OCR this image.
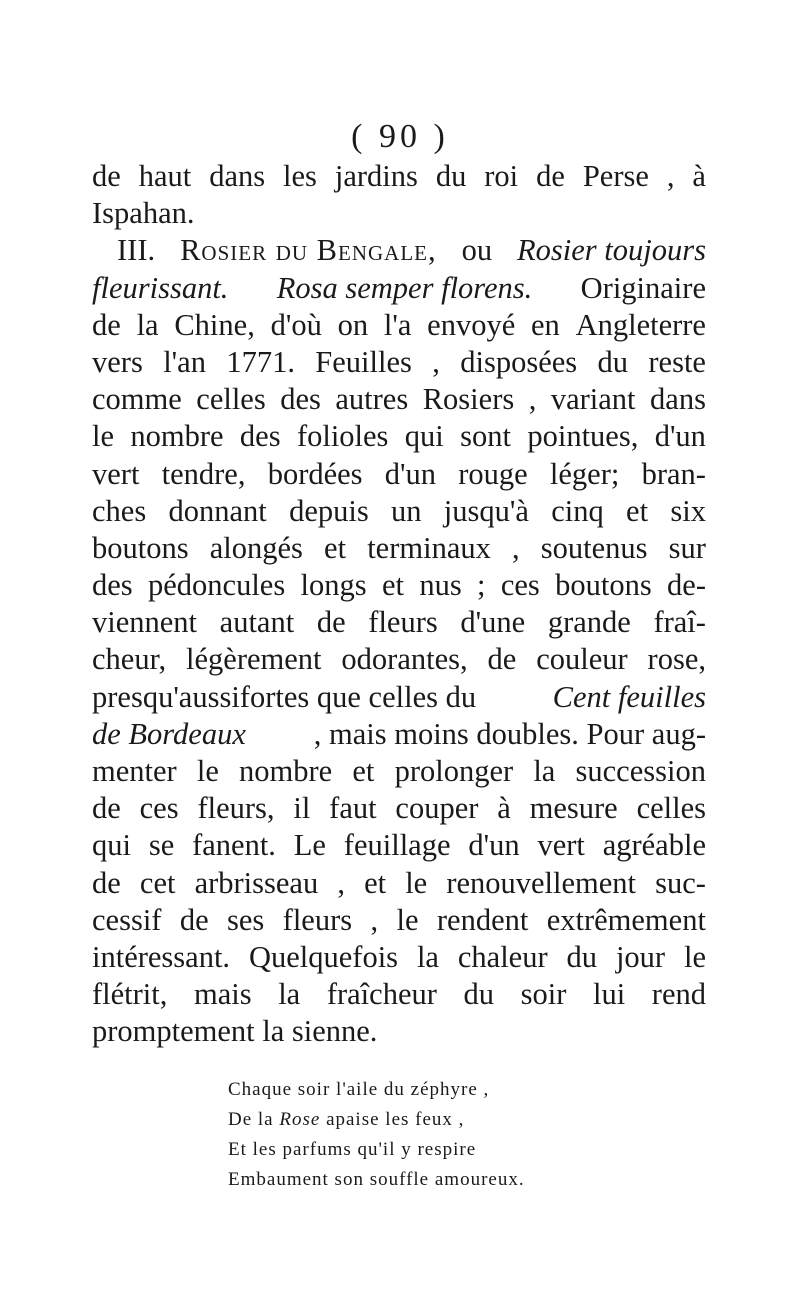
( 90 )
de haut dans les jardins du roi de Perse , à
Ispahan.
III. Rosier du Bengale, ou Rosier toujours
fleurissant. Rosa semper florens. Originaire
de la Chine, d'où on l'a envoyé en Angleterre
vers l'an 1771. Feuilles , disposées du reste
comme celles des autres Rosiers , variant dans
le nombre des folioles qui sont pointues, d'un
vert tendre, bordées d'un rouge léger; bran-
ches donnant depuis un jusqu'à cinq et six
boutons alongés et terminaux , soutenus sur
des pédoncules longs et nus ; ces boutons de-
viennent autant de fleurs d'une grande fraî-
cheur, légèrement odorantes, de couleur rose,
presqu'aussifortes que celles du	Cent feuilles
de Bordeaux , mais moins doubles. Pour aug-
menter le nombre et prolonger la succession
de ces fleurs, il faut couper à mesure celles
qui se fanent. Le feuillage d'un vert agréable
de cet arbrisseau , et le renouvellement suc-
cessif de ses fleurs , le rendent extrêmement
intéressant. Quelquefois la chaleur du jour le
flétrit, mais la fraîcheur du soir lui rend
promptement la sienne.
Chaque soir l'aile du zéphyre ,
De la Rose apaise les feux ,
Et les parfums qu'il y respire
Embaument son souffle amoureux.
